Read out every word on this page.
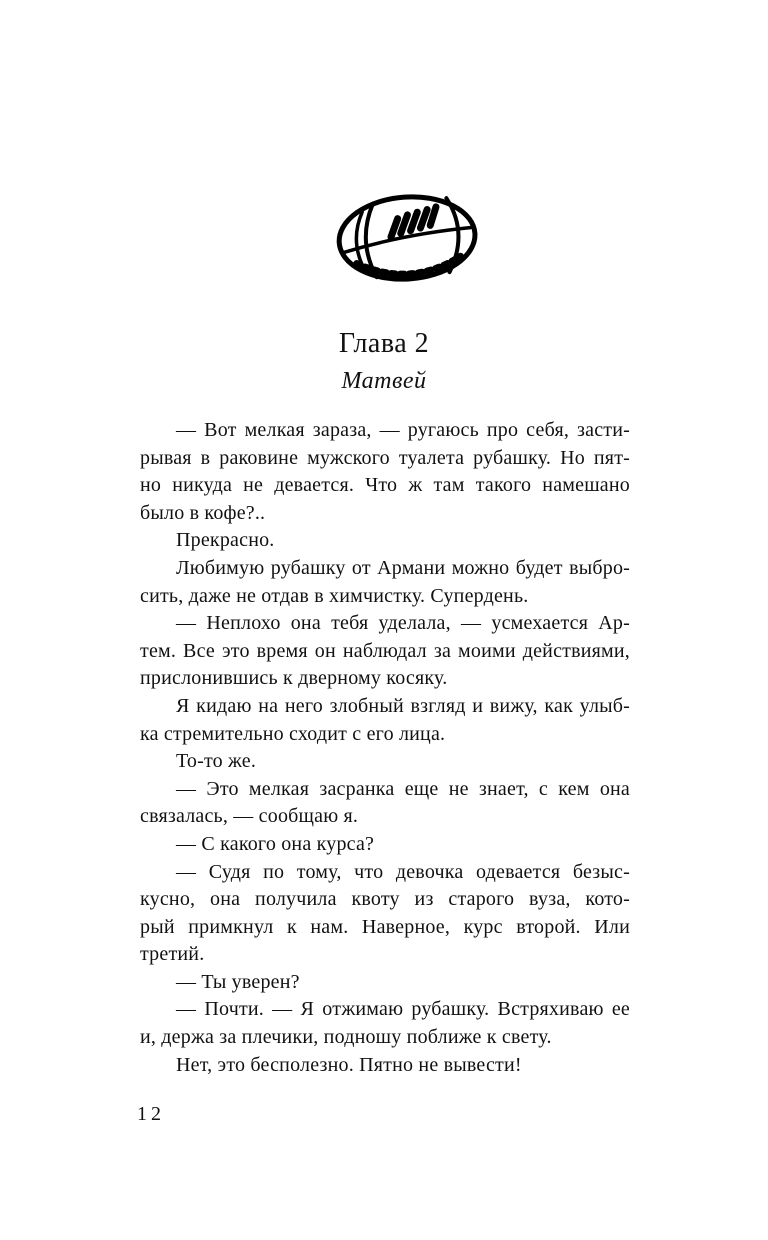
Глава 2
Матвей
— Вот мелкая зараза, — ругаюсь про себя, засти-
рывая в раковине мужского туалета рубашку. Но пят-
но никуда не девается. Что ж там такого намешано
было в кофе?..
Прекрасно.
Любимую рубашку от Армани можно будет выбро-
сить, даже не отдав в химчистку. Супердень.
— Неплохо она тебя уделала, — усмехается Ар-
тем. Все это время он наблюдал за моими действиями,
прислонившись к дверному косяку.
Я кидаю на него злобный взгляд и вижу, как улыб-
ка стремительно сходит с его лица.
То-то же.
— Это мелкая засранка еще не знает, с кем она
связалась, — сообщаю я.
— С какого она курса?
— Судя по тому, что девочка одевается безыс-
кусно, она получила квоту из старого вуза, кото-
рый примкнул к нам. Наверное, курс второй. Или
третий.
— Ты уверен?
— Почти. — Я отжимаю рубашку. Встряхиваю ее
и, держа за плечики, подношу поближе к свету.
Нет, это бесполезно. Пятно не вывести!
12
